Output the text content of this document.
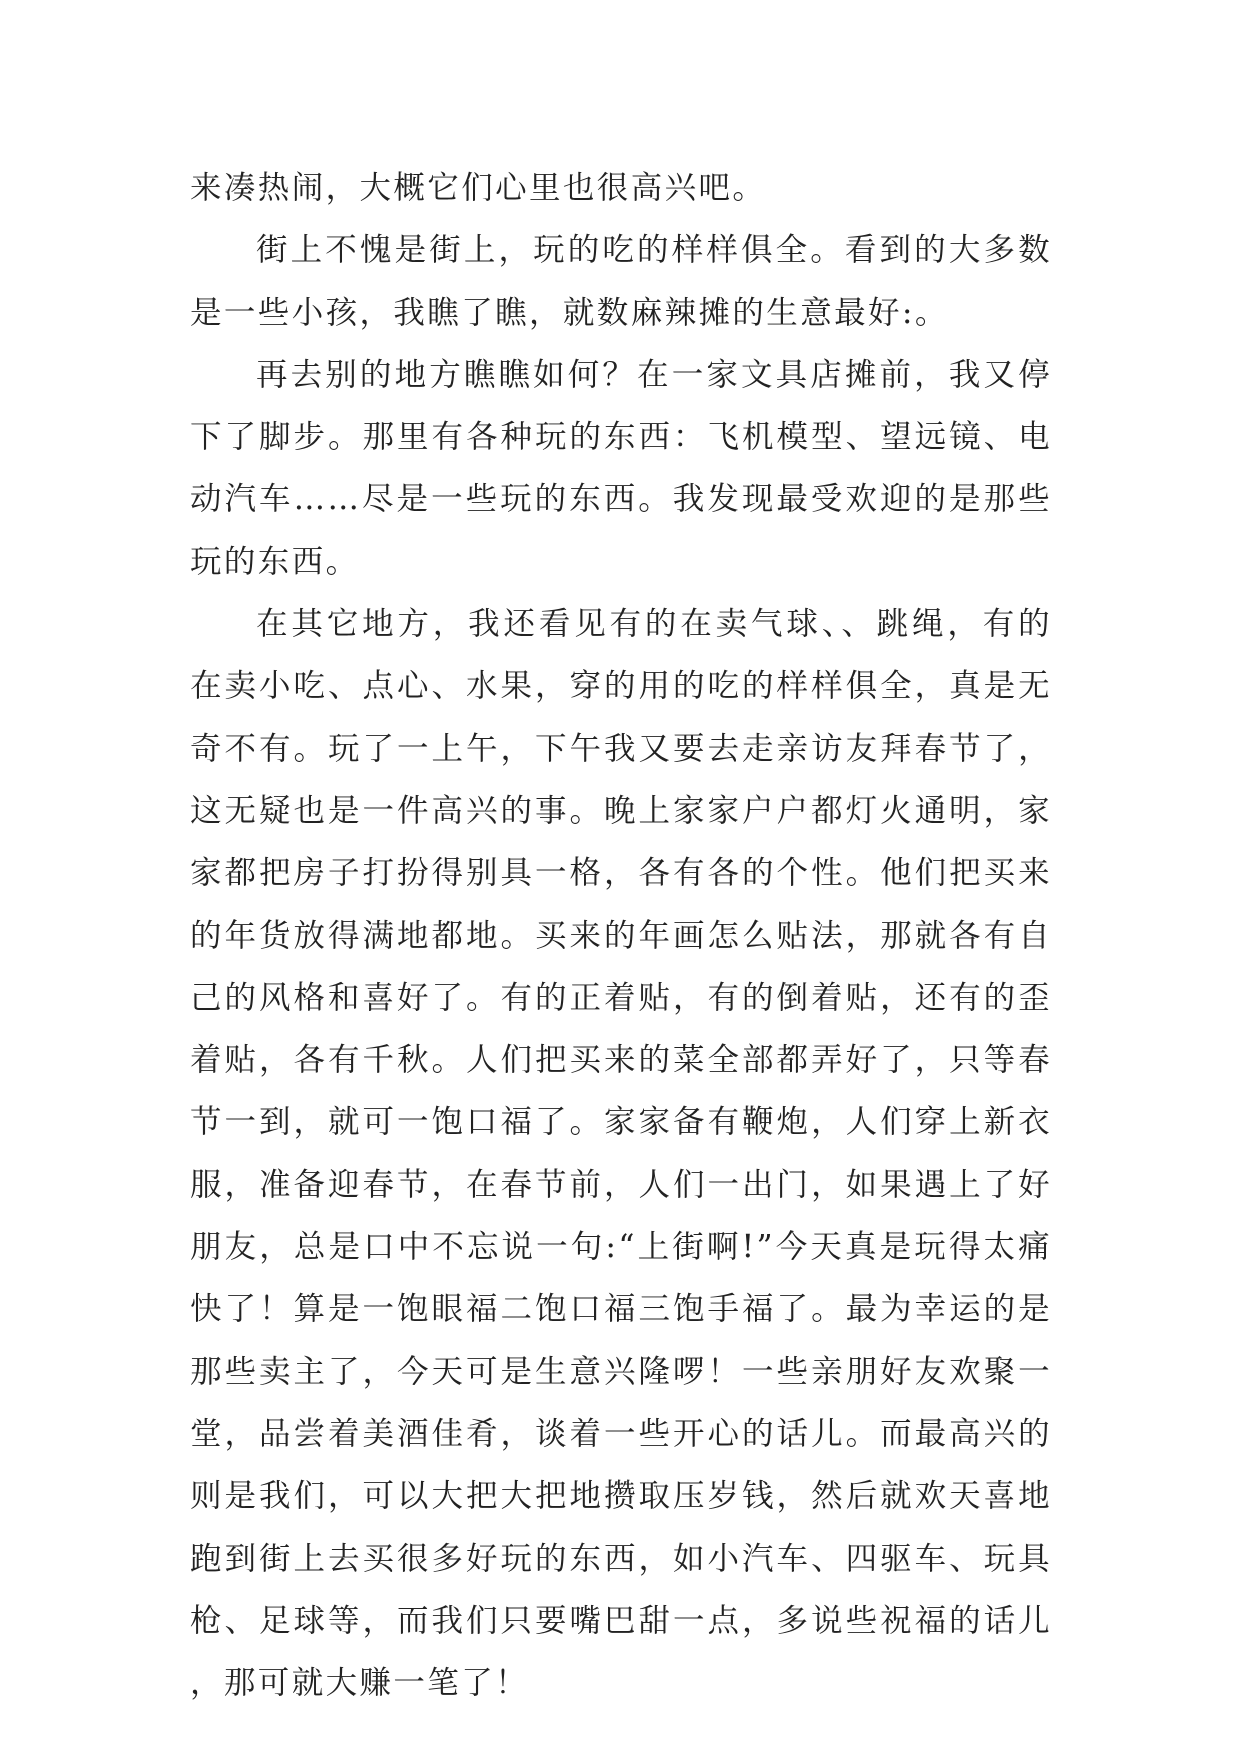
来凑热闹，大概它们心里也很高兴吧。

街上不愧是街上，玩的吃的样样俱全。看到的大多数是一些小孩，我瞧了瞧，就数麻辣摊的生意最好:。

再去别的地方瞧瞧如何？在一家文具店摊前，我又停下了脚步。那里有各种玩的东西：飞机模型、望远镜、电动汽车……尽是一些玩的东西。我发现最受欢迎的是那些玩的东西。

在其它地方，我还看见有的在卖气球、、跳绳，有的在卖小吃、点心、水果，穿的用的吃的样样俱全，真是无奇不有。玩了一上午，下午我又要去走亲访友拜春节了，这无疑也是一件高兴的事。晚上家家户户都灯火通明，家家都把房子打扮得别具一格，各有各的个性。他们把买来的年货放得满地都地。买来的年画怎么贴法，那就各有自己的风格和喜好了。有的正着贴，有的倒着贴，还有的歪着贴，各有千秋。人们把买来的菜全部都弄好了，只等春节一到，就可一饱口福了。家家备有鞭炮，人们穿上新衣服，准备迎春节，在春节前，人们一出门，如果遇上了好朋友，总是口中不忘说一句:“上街啊!”今天真是玩得太痛快了！算是一饱眼福二饱口福三饱手福了。最为幸运的是那些卖主了，今天可是生意兴隆啰！一些亲朋好友欢聚一堂，品尝着美酒佳肴，谈着一些开心的话儿。而最高兴的则是我们，可以大把大把地攒取压岁钱，然后就欢天喜地跑到街上去买很多好玩的东西，如小汽车、四驱车、玩具枪、足球等，而我们只要嘴巴甜一点，多说些祝福的话儿，那可就大赚一笔了！
